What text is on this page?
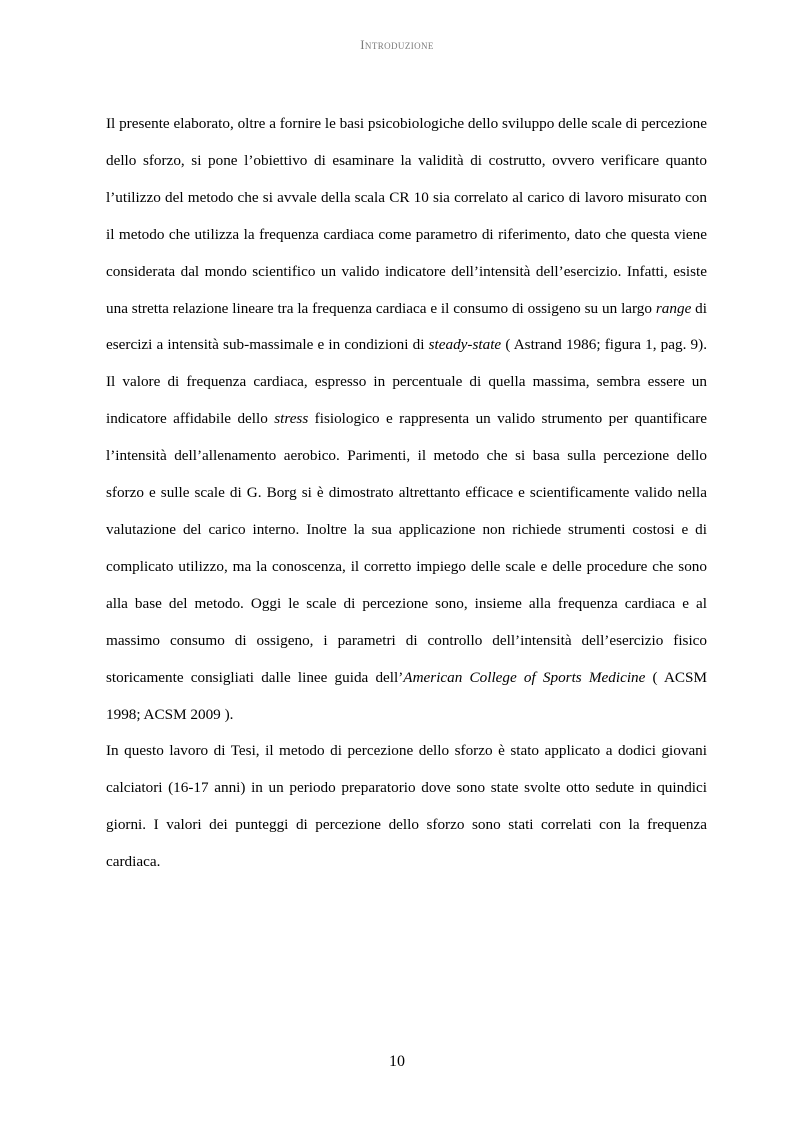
Introduzione

Il presente elaborato, oltre a fornire le basi psicobiologiche dello sviluppo delle scale di percezione dello sforzo, si pone l’obiettivo di esaminare la validità di costrutto, ovvero verificare quanto l’utilizzo del metodo che si avvale della scala CR 10 sia correlato al carico di lavoro misurato con il metodo che utilizza la frequenza cardiaca come parametro di riferimento, dato che questa viene considerata dal mondo scientifico un valido indicatore dell’intensità dell’esercizio. Infatti, esiste una stretta relazione lineare tra la frequenza cardiaca e il consumo di ossigeno su un largo range di esercizi a intensità sub-massimale e in condizioni di steady-state ( Astrand 1986; figura 1, pag. 9). Il valore di frequenza cardiaca, espresso in percentuale di quella massima, sembra essere un indicatore affidabile dello stress fisiologico e rappresenta un valido strumento per quantificare l’intensità dell’allenamento aerobico. Parimenti, il metodo che si basa sulla percezione dello sforzo e sulle scale di G. Borg si è dimostrato altrettanto efficace e scientificamente valido nella valutazione del carico interno. Inoltre la sua applicazione non richiede strumenti costosi e di complicato utilizzo, ma la conoscenza, il corretto impiego delle scale e delle procedure che sono alla base del metodo. Oggi le scale di percezione sono, insieme alla frequenza cardiaca e al massimo consumo di ossigeno, i parametri di controllo dell’intensità dell’esercizio fisico storicamente consigliati dalle linee guida dell’American College of Sports Medicine ( ACSM 1998; ACSM 2009 ).

In questo lavoro di Tesi, il metodo di percezione dello sforzo è stato applicato a dodici giovani calciatori (16-17 anni) in un periodo preparatorio dove sono state svolte otto sedute in quindici giorni. I valori dei punteggi di percezione dello sforzo sono stati correlati con la frequenza cardiaca.

10
